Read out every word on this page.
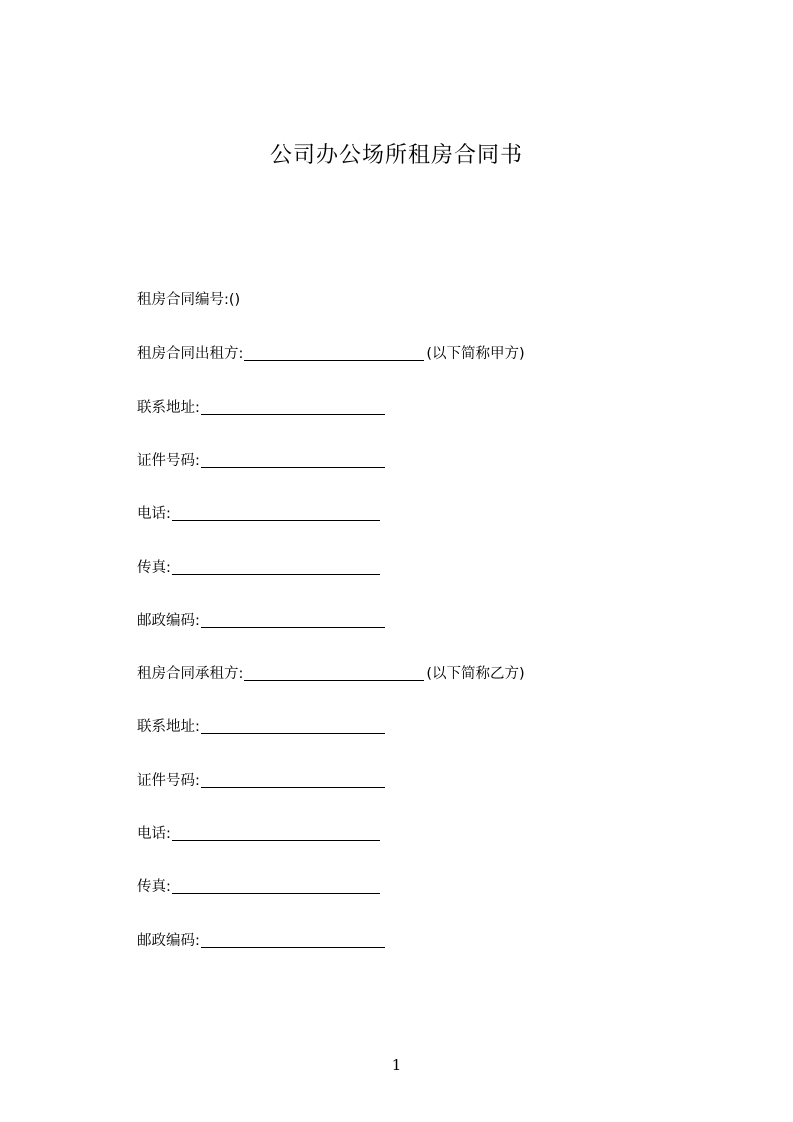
公司办公场所租房合同书
租房合同编号:()
租房合同出租方:	(以下简称甲方)
联系地址:
证件号码:
电话:
传真:
邮政编码:
租房合同承租方:	(以下简称乙方)
联系地址:
证件号码:
电话:
传真:
邮政编码:
1
